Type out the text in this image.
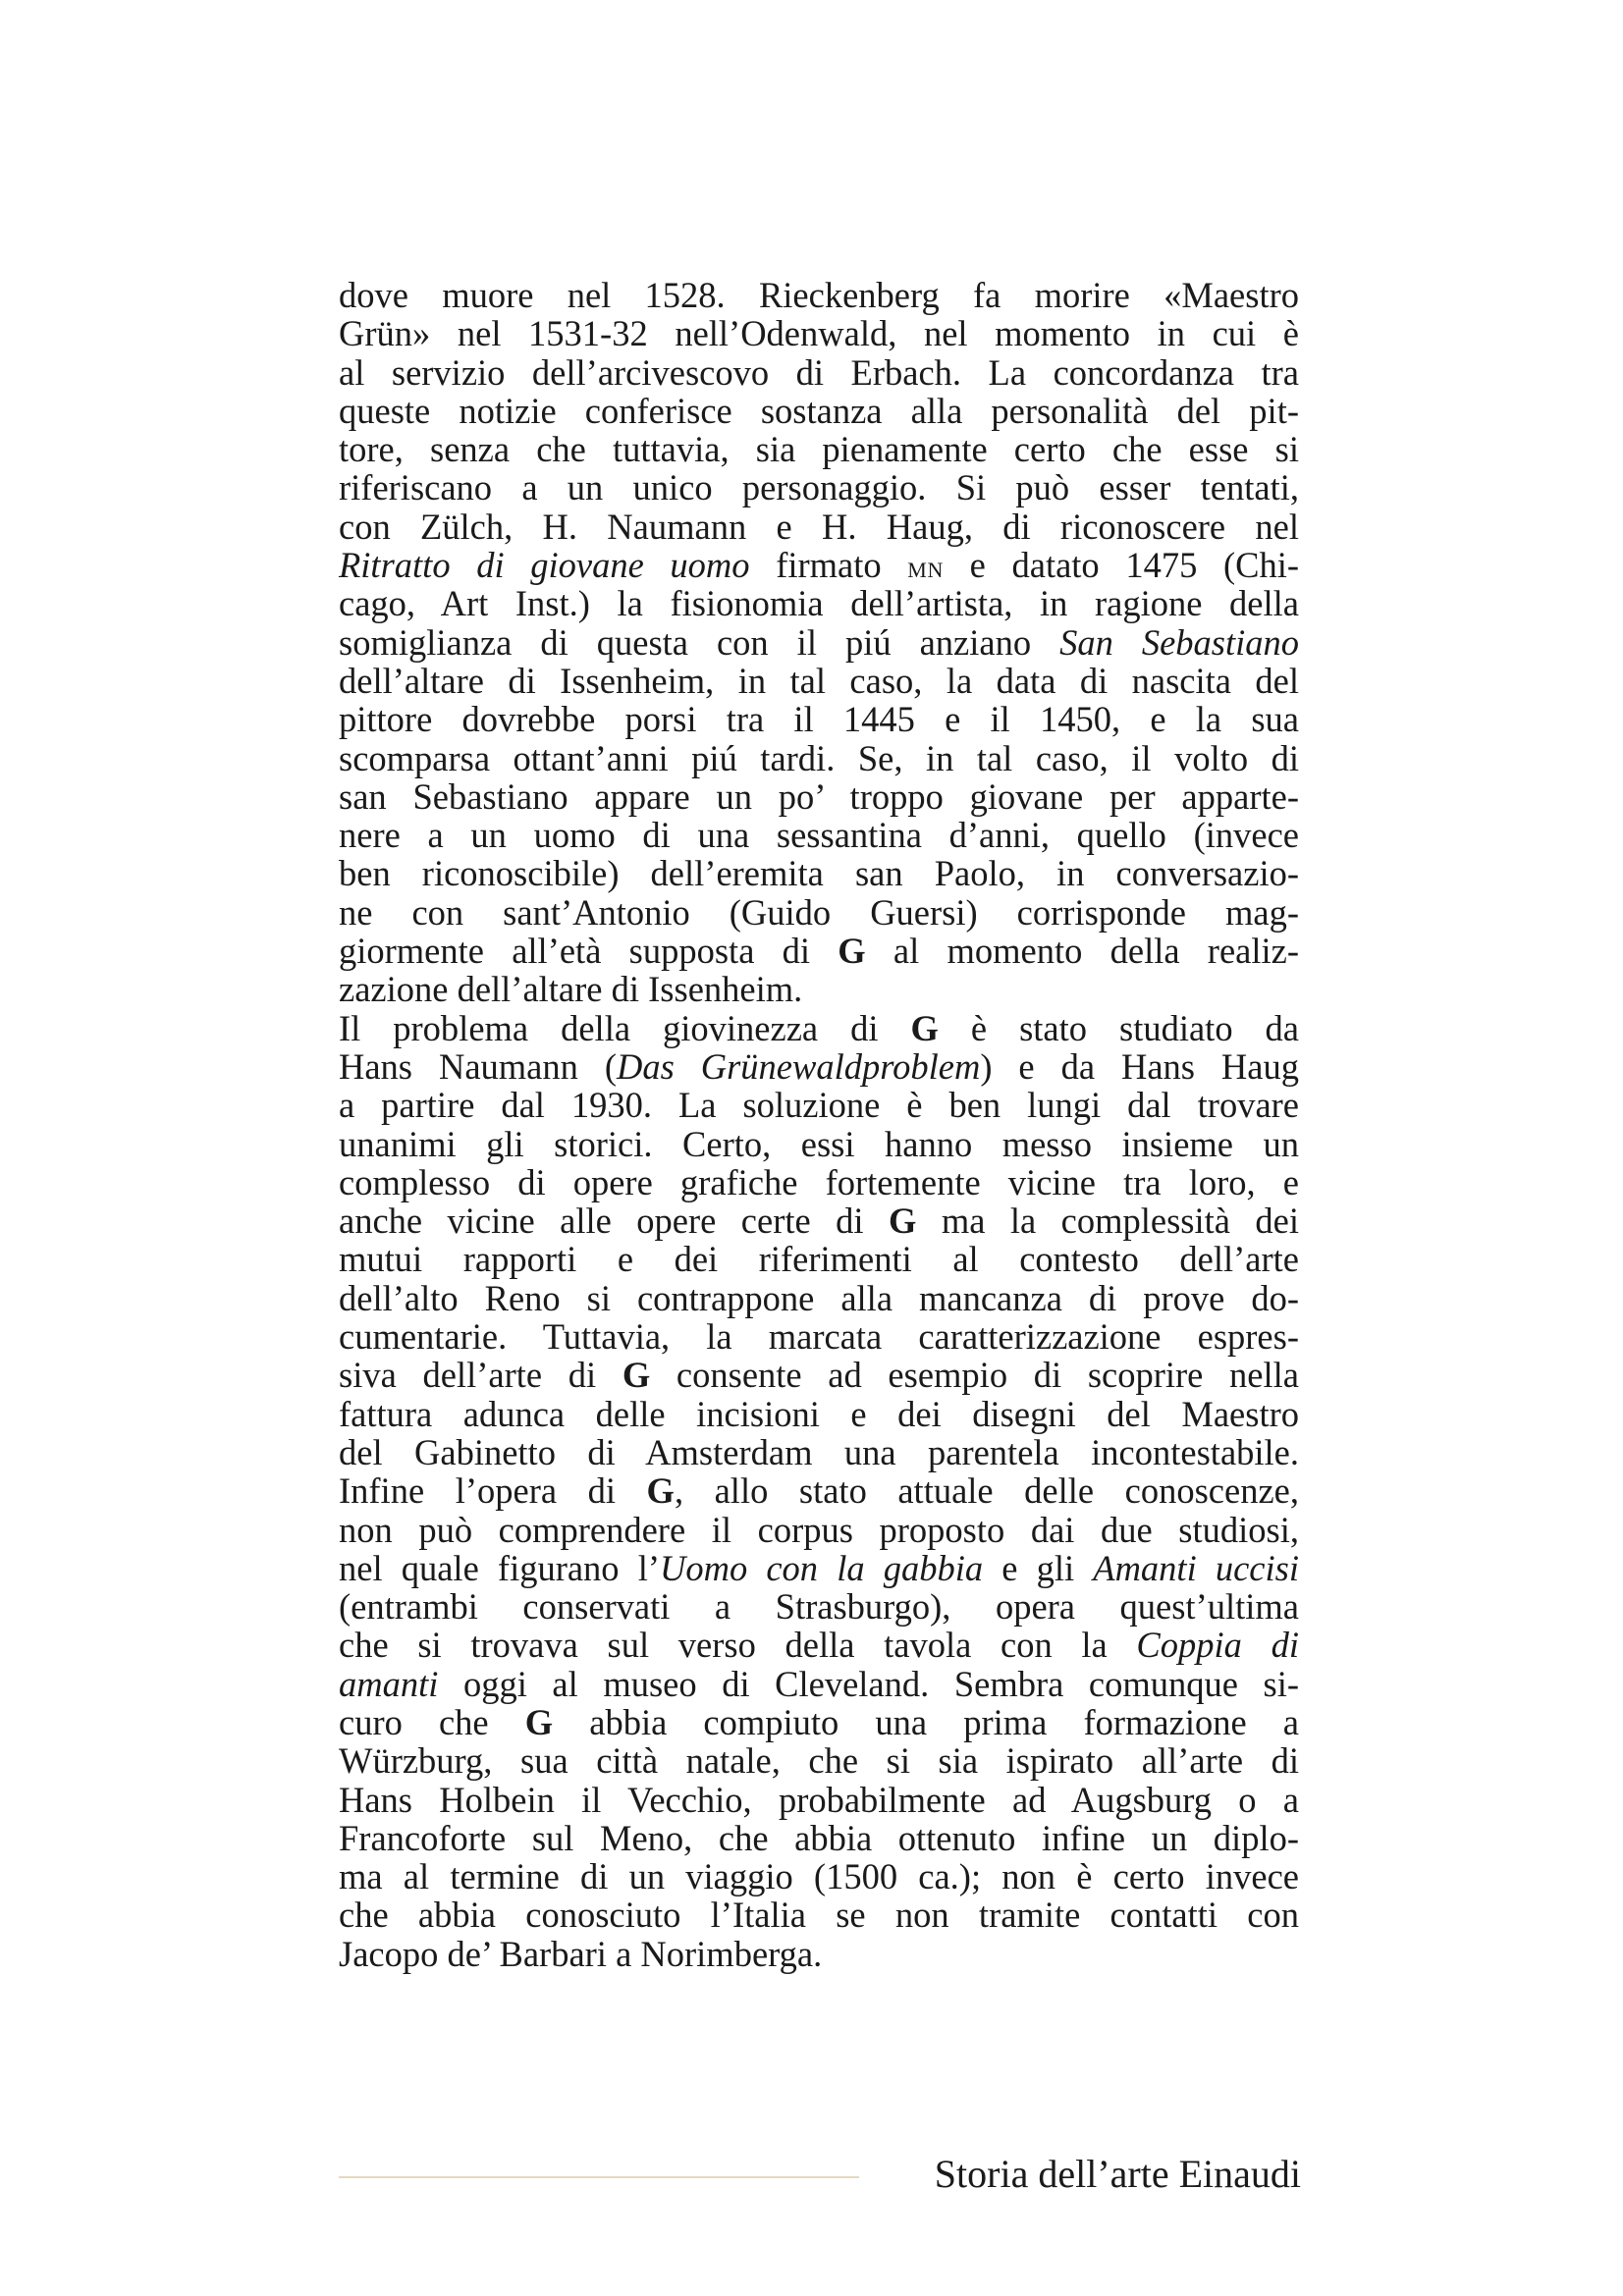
dove muore nel 1528. Rieckenberg fa morire «Maestro
Grün» nel 1531-32 nell’Odenwald, nel momento in cui è
al servizio dell’arcivescovo di Erbach. La concordanza tra
queste notizie conferisce sostanza alla personalità del pit-
tore, senza che tuttavia, sia pienamente certo che esse si
riferiscano a un unico personaggio. Si può esser tentati,
con Zülch, H. Naumann e H. Haug, di riconoscere nel
Ritratto di giovane uomo firmato mn e datato 1475 (Chi-
cago, Art Inst.) la fisionomia dell’artista, in ragione della
somiglianza di questa con il piú anziano San Sebastiano
dell’altare di Issenheim, in tal caso, la data di nascita del
pittore dovrebbe porsi tra il 1445 e il 1450, e la sua
scomparsa ottant’anni piú tardi. Se, in tal caso, il volto di
san Sebastiano appare un po’ troppo giovane per apparte-
nere a un uomo di una sessantina d’anni, quello (invece
ben riconoscibile) dell’eremita san Paolo, in conversazio-
ne con sant’Antonio (Guido Guersi) corrisponde mag-
giormente all’età supposta di G al momento della realiz-
zazione dell’altare di Issenheim.
Il problema della giovinezza di G è stato studiato da
Hans Naumann (Das Grünewaldproblem) e da Hans Haug
a partire dal 1930. La soluzione è ben lungi dal trovare
unanimi gli storici. Certo, essi hanno messo insieme un
complesso di opere grafiche fortemente vicine tra loro, e
anche vicine alle opere certe di G ma la complessità dei
mutui rapporti e dei riferimenti al contesto dell’arte
dell’alto Reno si contrappone alla mancanza di prove do-
cumentarie. Tuttavia, la marcata caratterizzazione espres-
siva dell’arte di G consente ad esempio di scoprire nella
fattura adunca delle incisioni e dei disegni del Maestro
del Gabinetto di Amsterdam una parentela incontestabile.
Infine l’opera di G, allo stato attuale delle conoscenze,
non può comprendere il corpus proposto dai due studiosi,
nel quale figurano l’Uomo con la gabbia e gli Amanti uccisi
(entrambi conservati a Strasburgo), opera quest’ultima
che si trovava sul verso della tavola con la Coppia di
amanti oggi al museo di Cleveland. Sembra comunque si-
curo che G abbia compiuto una prima formazione a
Würzburg, sua città natale, che si sia ispirato all’arte di
Hans Holbein il Vecchio, probabilmente ad Augsburg o a
Francoforte sul Meno, che abbia ottenuto infine un diplo-
ma al termine di un viaggio (1500 ca.); non è certo invece
che abbia conosciuto l’Italia se non tramite contatti con
Jacopo de’ Barbari a Norimberga.
Storia dell’arte Einaudi
